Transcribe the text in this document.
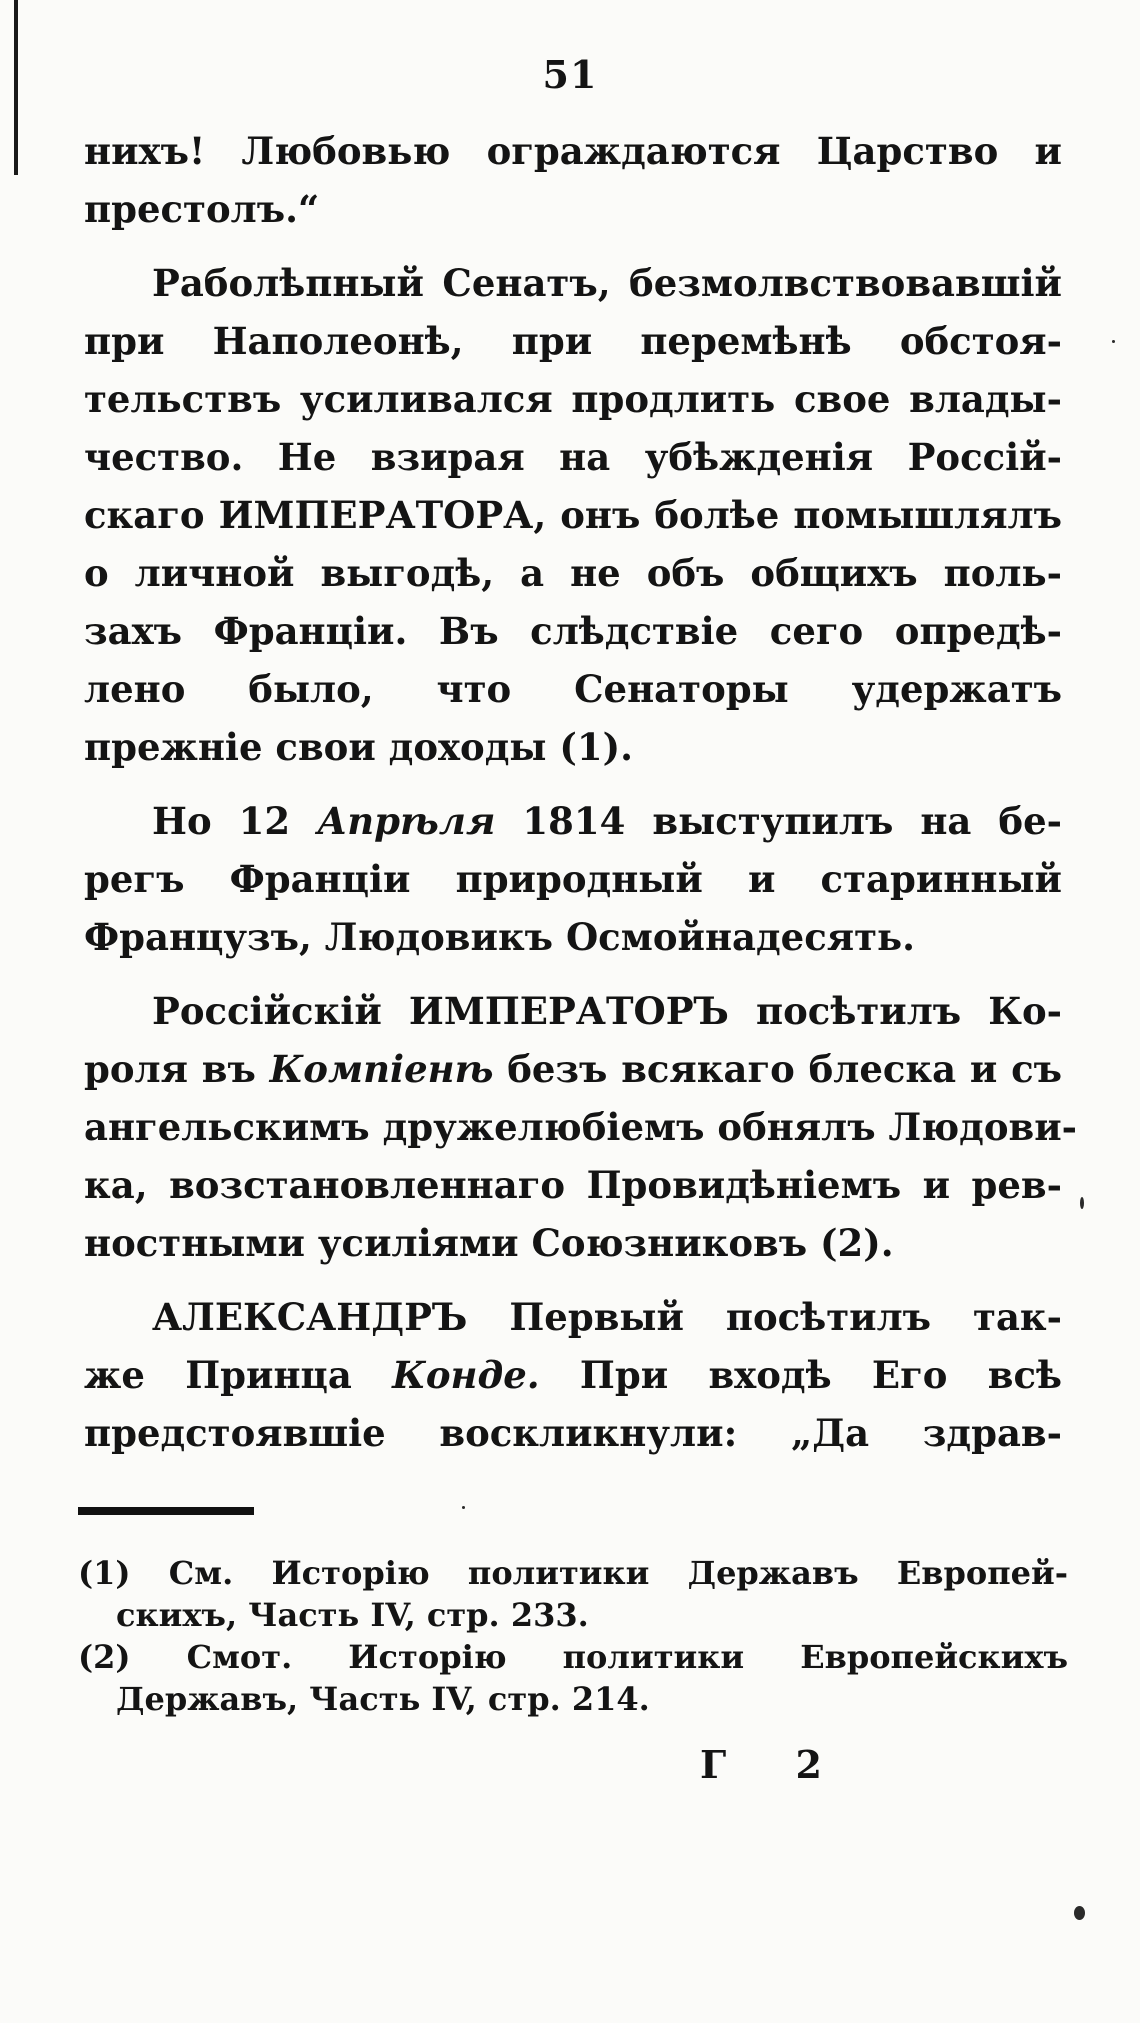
51
нихъ! Любовью ограждаются Царство и
престолъ.“
Раболѣпный Сенатъ, безмолвствовавшій
при Наполеонѣ, при перемѣнѣ обстоя-
тельствъ усиливался продлить свое влады-
чество. Не взирая на убѣжденія Россій-
скаго ИМПЕРАТОРА, онъ болѣе помышлялъ
о личной выгодѣ, а не объ общихъ поль-
захъ Франціи. Въ слѣдствіе сего опредѣ-
лено было, что Сенаторы удержатъ
прежніе свои доходы (1).
Но 12 Апрѣля 1814 выступилъ на бе-
регъ Франціи природный и старинный
Французъ, Людовикъ Осмойнадесять.
Россійскій ИМПЕРАТОРЪ посѣтилъ Ко-
роля въ Компіенѣ безъ всякаго блеска и съ
ангельскимъ дружелюбіемъ обнялъ Людови-
ка, возстановленнаго Провидѣніемъ и рев-
ностными усиліями Союзниковъ (2).
АЛЕКСАНДРЪ Первый посѣтилъ так-
же Принца Конде. При входѣ Его всѣ
предстоявшіе воскликнули: „Да здрав-
(1) См. Исторію политики Державъ Европей-
скихъ, Часть IV, стр. 233.
(2) Смот. Исторію политики Европейскихъ
Державъ, Часть IV, стр. 214.
Г 2
